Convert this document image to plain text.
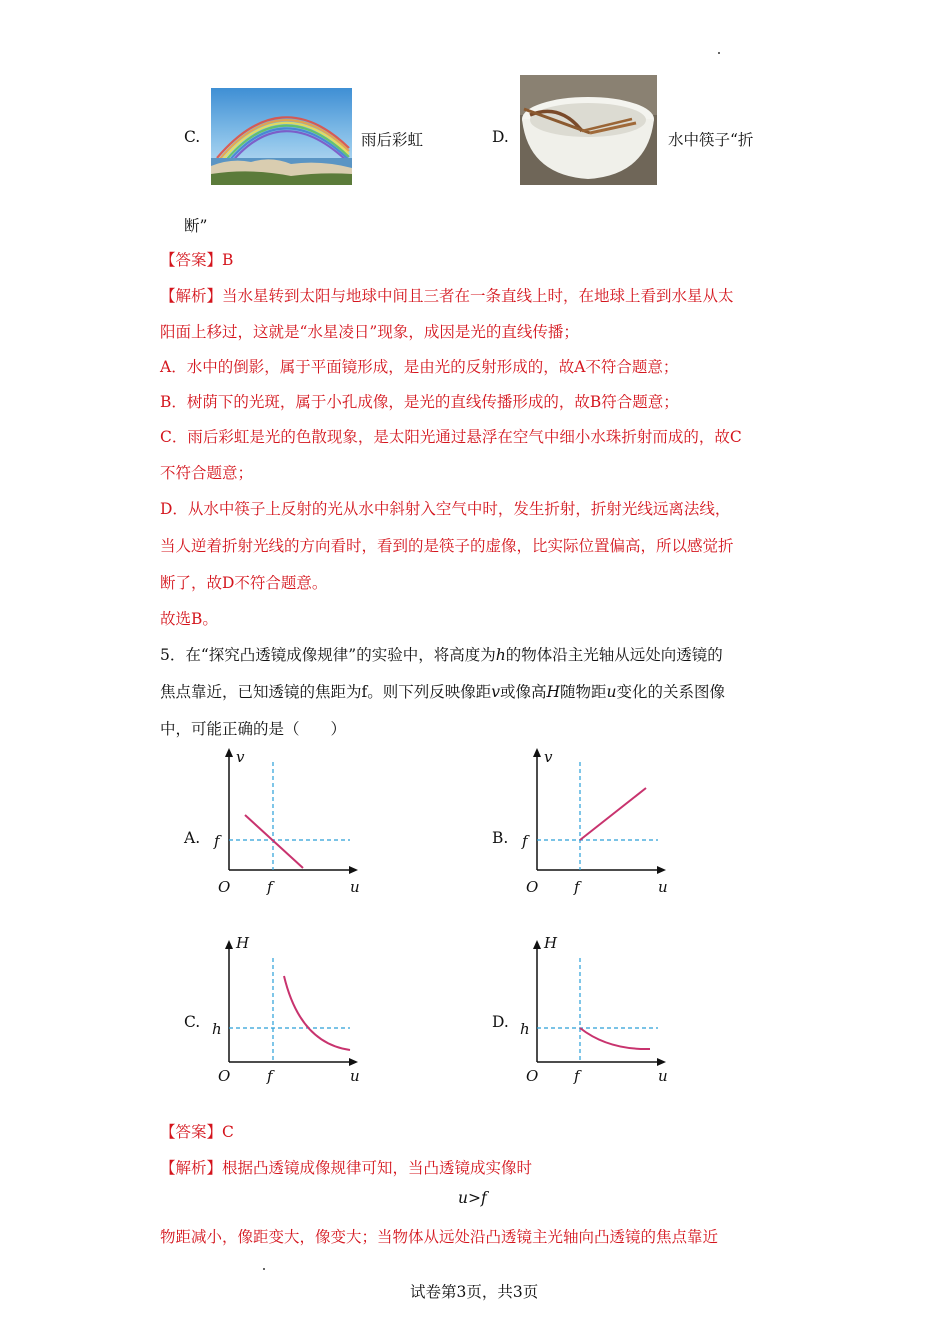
C.	雨后彩虹	D.	水中筷子“折
断”
【答案】B
【解析】当水星转到太阳与地球中间且三者在一条直线上时，在地球上看到水星从太
阳面上移过，这就是“水星凌日”现象，成因是光的直线传播；
A．水中的倒影，属于平面镜形成，是由光的反射形成的，故A不符合题意；
B．树荫下的光斑，属于小孔成像，是光的直线传播形成的，故B符合题意；
C．雨后彩虹是光的色散现象，是太阳光通过悬浮在空气中细小水珠折射而成的，故C
不符合题意；
D．从水中筷子上反射的光从水中斜射入空气中时，发生折射，折射光线远离法线，
当人逆着折射光线的方向看时，看到的是筷子的虚像，比实际位置偏高，所以感觉折
断了，故D不符合题意。
故选B。
5．在“探究凸透镜成像规律”的实验中，将高度为ℎ的物体沿主光轴从远处向透镜的
焦点靠近，已知透镜的焦距为f。则下列反映像距𝑣或像高𝐻随物距𝑢变化的关系图像
中，可能正确的是（　　）
A.
v
f
O f	u
B.
v
f
O f	u
C.
H
h
O f	u
D.
H
h
O f	u
【答案】C
【解析】根据凸透镜成像规律可知，当凸透镜成实像时
u>f
物距减小，像距变大，像变大；当物体从远处沿凸透镜主光轴向凸透镜的焦点靠近
试卷第3页，共3页
